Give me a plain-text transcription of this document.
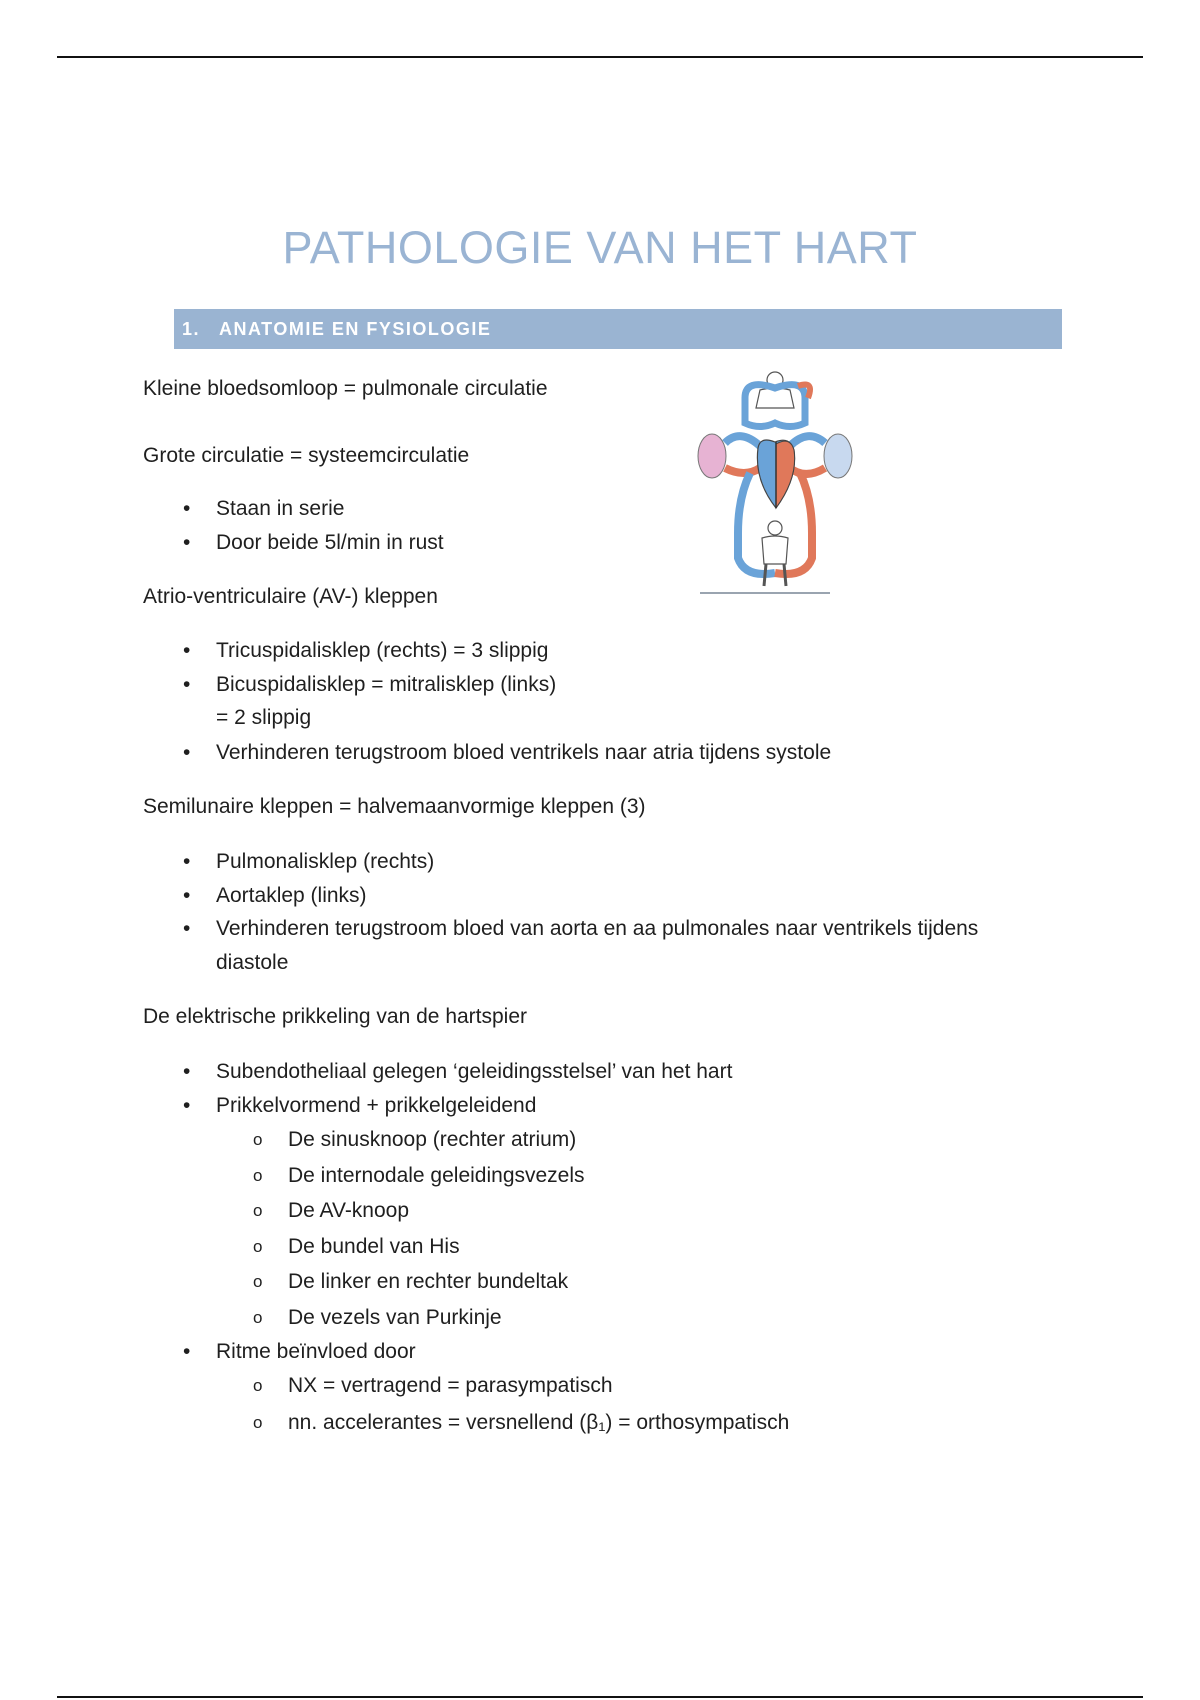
PATHOLOGIE VAN HET HART
1.	ANATOMIE EN FYSIOLOGIE
Kleine bloedsomloop = pulmonale circulatie
Grote circulatie = systeemcirculatie
• Staan in serie
• Door beide 5l/min in rust
Atrio-ventriculaire (AV-) kleppen
• Tricuspidalisklep (rechts) = 3 slippig
• Bicuspidalisklep = mitralisklep (links)
= 2 slippig
• Verhinderen terugstroom bloed ventrikels naar atria tijdens systole
Semilunaire kleppen = halvemaanvormige kleppen (3)
• Pulmonalisklep (rechts)
• Aortaklep (links)
• Verhinderen terugstroom bloed van aorta en aa pulmonales naar ventrikels tijdens
diastole
De elektrische prikkeling van de hartspier
• Subendotheliaal gelegen ‘geleidingsstelsel’ van het hart
• Prikkelvormend + prikkelgeleidend
o De sinusknoop (rechter atrium)
o De internodale geleidingsvezels
o De AV-knoop
o De bundel van His
o De linker en rechter bundeltak
o De vezels van Purkinje
• Ritme beïnvloed door
o NX = vertragend = parasympatisch
o nn. accelerantes = versnellend (β₁) = orthosympatisch
